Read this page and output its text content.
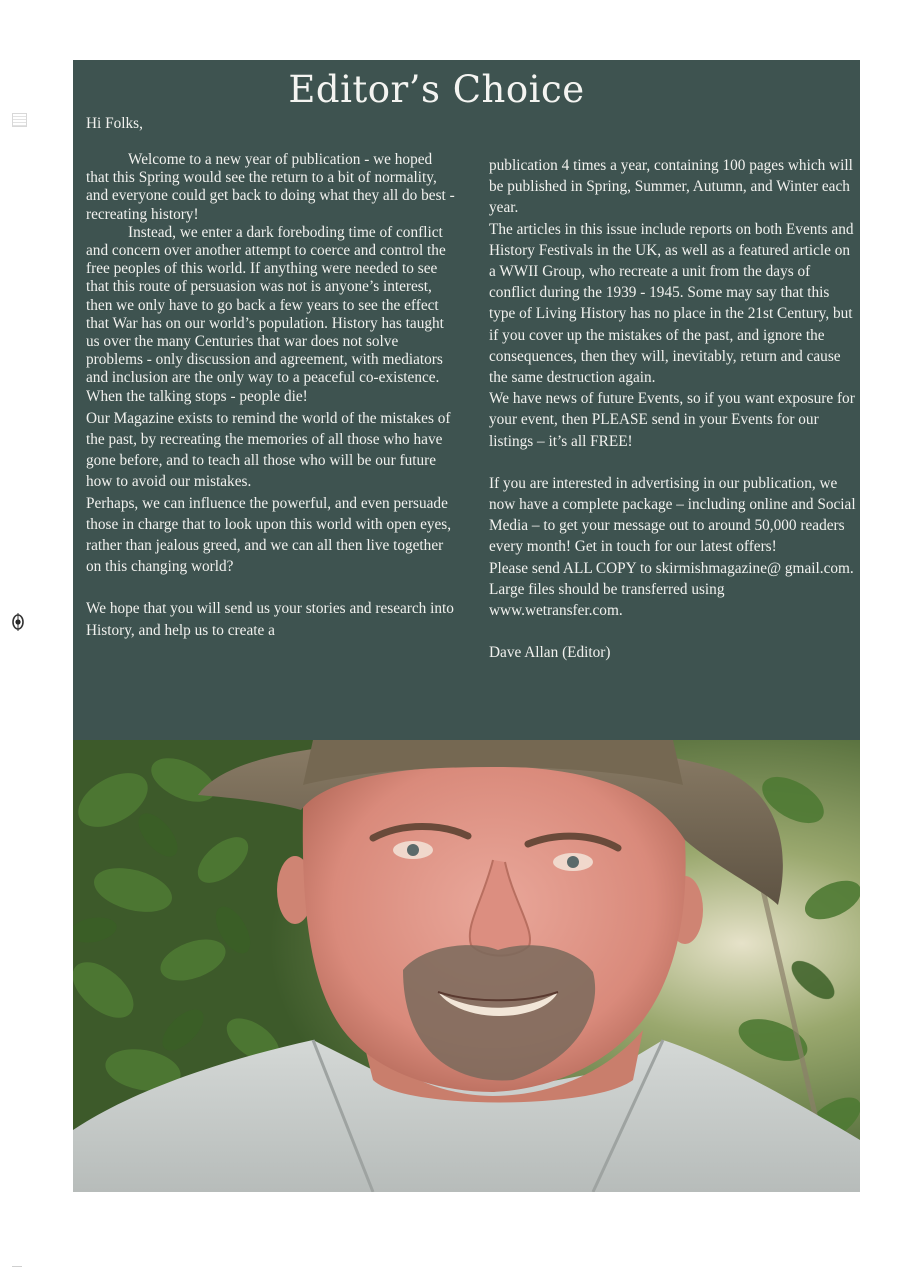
Editor’s Choice

Hi Folks,

Welcome to a new year of publication - we hoped that this Spring would see the return to a bit of normality, and everyone could get back to doing what they all do best - recreating history!

Instead, we enter a dark foreboding time of conflict and concern over another attempt to coerce and control the free peoples of this world. If anything were needed to see that this route of persuasion was not is anyone’s interest, then we only have to go back a few years to see the effect that War has on our world’s population. History has taught us over the many Centuries that war does not solve problems - only discussion and agreement, with mediators and inclusion are the only way to a peaceful co-existence.

When the talking stops - people die!

Our Magazine exists to remind the world of the mistakes of the past, by recreating the memories of all those who have gone before, and to teach all those who will be our future how to avoid our mistakes.

Perhaps, we can influence the powerful, and even persuade those in charge that to look upon this world with open eyes, rather than jealous greed, and we can all then live together on this changing world?

We hope that you will send us your stories and research into History, and help us to create a

publication 4 times a year, containing 100 pages which will be published in Spring, Summer, Autumn, and Winter each year.

The articles in this issue include reports on both Events and History Festivals in the UK, as well as a featured article on a WWII Group, who recreate a unit from the days of conflict during the 1939 - 1945. Some may say that this type of Living History has no place in the 21st Century, but if you cover up the mistakes of the past, and ignore the consequences, then they will, inevitably, return and cause the same destruction again.

We have news of future Events, so if you want exposure for your event, then PLEASE send in your Events for our listings – it’s all FREE!

If you are interested in advertising in our publication, we now have a complete package – including online and Social Media – to get your message out to around 50,000 readers every month! Get in touch for our latest offers!

Please send ALL COPY to skirmishmagazine@ gmail.com. Large files should be transferred using www.wetransfer.com.

Dave Allan (Editor)
